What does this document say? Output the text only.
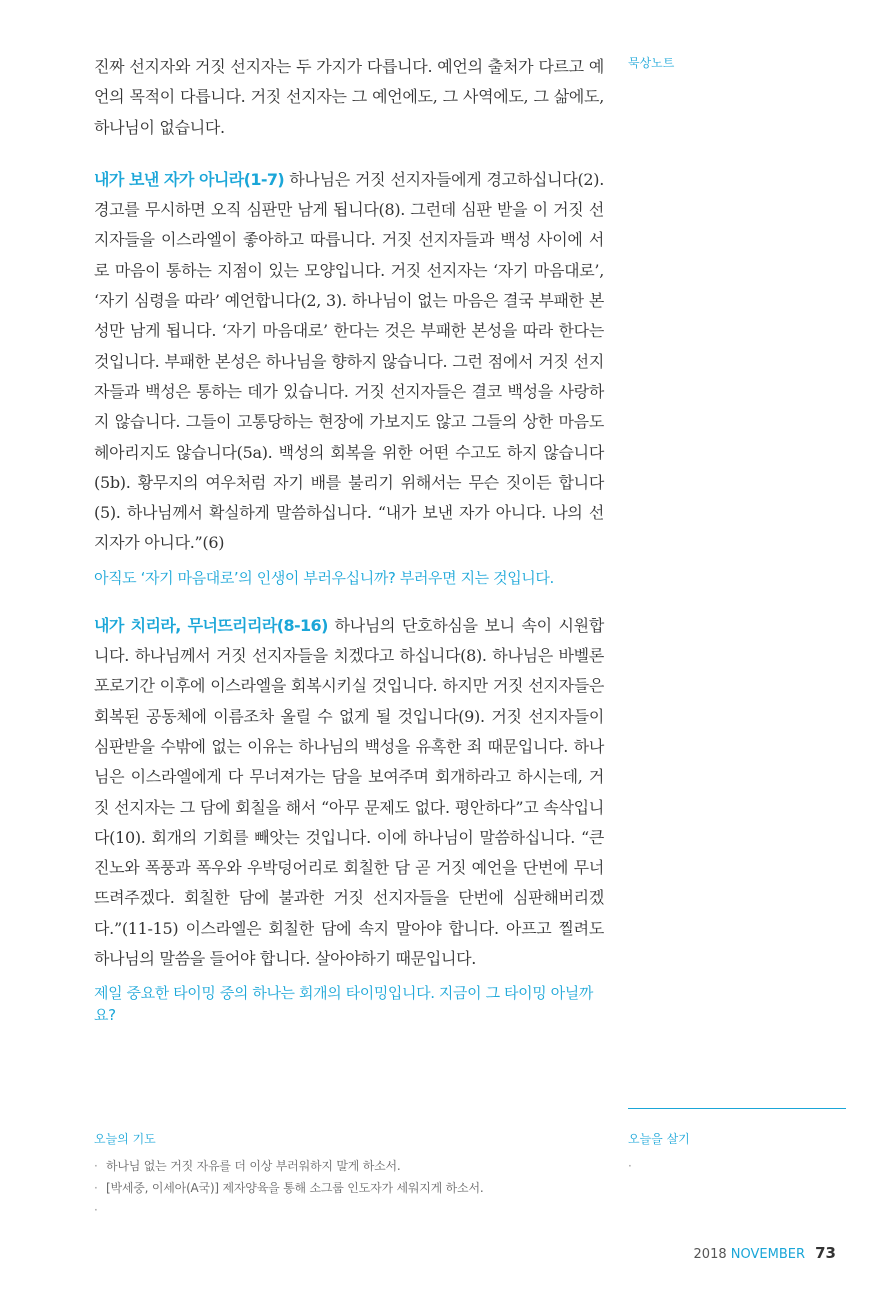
묵상노트

진짜 선지자와 거짓 선지자는 두 가지가 다릅니다. 예언의 출처가 다르고 예언의 목적이 다릅니다. 거짓 선지자는 그 예언에도, 그 사역에도, 그 삶에도, 하나님이 없습니다.

내가 보낸 자가 아니라(1-7) 하나님은 거짓 선지자들에게 경고하십니다(2). 경고를 무시하면 오직 심판만 남게 됩니다(8). 그런데 심판 받을 이 거짓 선지자들을 이스라엘이 좋아하고 따릅니다. 거짓 선지자들과 백성 사이에 서로 마음이 통하는 지점이 있는 모양입니다. 거짓 선지자는 ‘자기 마음대로’, ‘자기 심령을 따라’ 예언합니다(2, 3). 하나님이 없는 마음은 결국 부패한 본성만 남게 됩니다. ‘자기 마음대로’ 한다는 것은 부패한 본성을 따라 한다는 것입니다. 부패한 본성은 하나님을 향하지 않습니다. 그런 점에서 거짓 선지자들과 백성은 통하는 데가 있습니다. 거짓 선지자들은 결코 백성을 사랑하지 않습니다. 그들이 고통당하는 현장에 가보지도 않고 그들의 상한 마음도 헤아리지도 않습니다(5a). 백성의 회복을 위한 어떤 수고도 하지 않습니다(5b). 황무지의 여우처럼 자기 배를 불리기 위해서는 무슨 짓이든 합니다(5). 하나님께서 확실하게 말씀하십니다. “내가 보낸 자가 아니다. 나의 선지자가 아니다.”(6)

아직도 ‘자기 마음대로’의 인생이 부러우십니까? 부러우면 지는 것입니다.

내가 치리라, 무너뜨리리라(8-16) 하나님의 단호하심을 보니 속이 시원합니다. 하나님께서 거짓 선지자들을 치겠다고 하십니다(8). 하나님은 바벨론 포로기간 이후에 이스라엘을 회복시키실 것입니다. 하지만 거짓 선지자들은 회복된 공동체에 이름조차 올릴 수 없게 될 것입니다(9). 거짓 선지자들이 심판받을 수밖에 없는 이유는 하나님의 백성을 유혹한 죄 때문입니다. 하나님은 이스라엘에게 다 무너져가는 담을 보여주며 회개하라고 하시는데, 거짓 선지자는 그 담에 회칠을 해서 “아무 문제도 없다. 평안하다”고 속삭입니다(10). 회개의 기회를 빼앗는 것입니다. 이에 하나님이 말씀하십니다. “큰 진노와 폭풍과 폭우와 우박덩어리로 회칠한 담 곧 거짓 예언을 단번에 무너뜨려주겠다. 회칠한 담에 불과한 거짓 선지자들을 단번에 심판해버리겠다.”(11-15) 이스라엘은 회칠한 담에 속지 말아야 합니다. 아프고 찔려도 하나님의 말씀을 들어야 합니다. 살아야하기 때문입니다.

제일 중요한 타이밍 중의 하나는 회개의 타이밍입니다. 지금이 그 타이밍 아닐까요?

오늘의 기도
· 하나님 없는 거짓 자유를 더 이상 부러워하지 말게 하소서.
· [박세중, 이세아(A국)] 제자양육을 통해 소그룹 인도자가 세워지게 하소서.
·
오늘을 살기
·
2018 NOVEMBER 73
